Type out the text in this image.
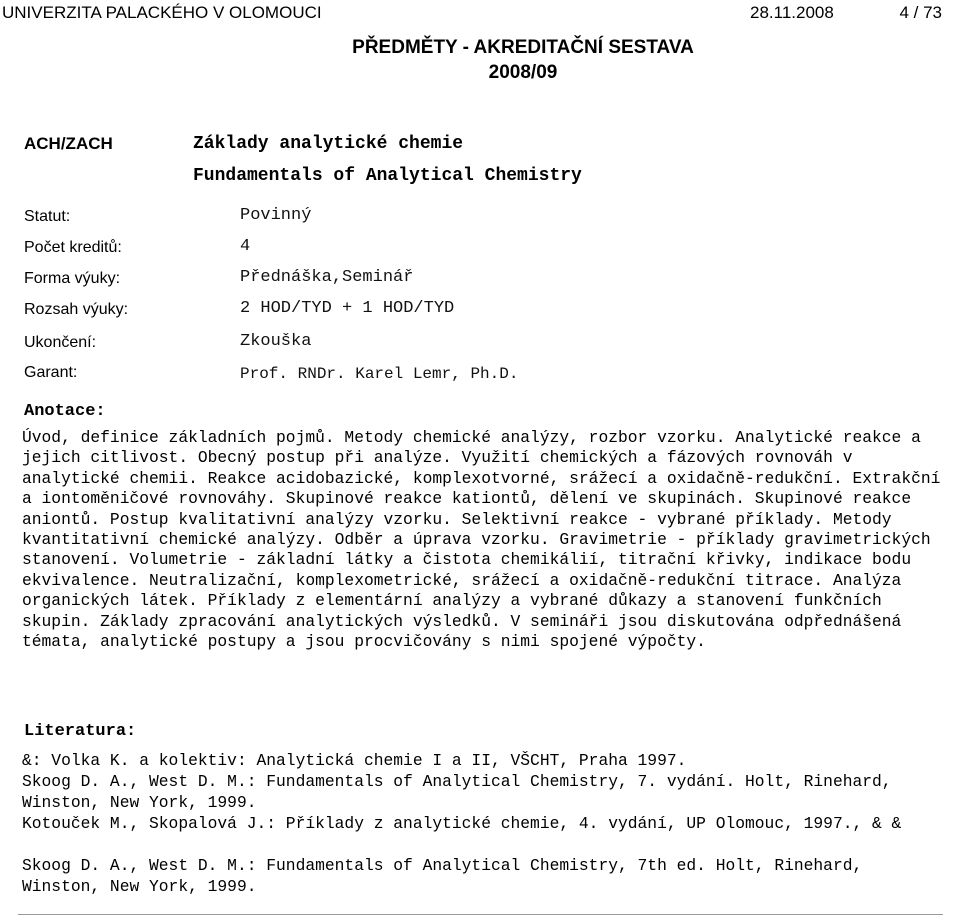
UNIVERZITA PALACKÉHO V OLOMOUCI	28.11.2008	4 / 73
PŘEDMĚTY - AKREDITAČNÍ SESTAVA
2008/09
ACH/ZACH	Základy analytické chemie
Fundamentals of Analytical Chemistry
Statut:	Povinný
Počet kreditů:	4
Forma výuky:	Přednáška,Seminář
Rozsah výuky:	2 HOD/TYD + 1 HOD/TYD
Ukončení:	Zkouška
Garant:	Prof. RNDr. Karel Lemr, Ph.D.
Anotace:
Úvod, definice základních pojmů. Metody chemické analýzy, rozbor vzorku. Analytické reakce a jejich citlivost. Obecný postup při analýze. Využití chemických a fázových rovnováh v analytické chemii. Reakce acidobazické, komplexotvorné, srážecí a oxidačně-redukční. Extrakční a iontoměničové rovnováhy. Skupinové reakce kationtů, dělení ve skupinách. Skupinové reakce aniontů. Postup kvalitativní analýzy vzorku. Selektivní reakce - vybrané příklady. Metody kvantitativní chemické analýzy. Odběr a úprava vzorku. Gravimetrie - příklady gravimetrických stanovení. Volumetrie - základní látky a čistota chemikálií, titrační křivky, indikace bodu ekvivalence. Neutralizační, komplexometrické, srážecí a oxidačně-redukční titrace. Analýza organických látek. Příklady z elementární analýzy a vybrané důkazy a stanovení funkčních skupin. Základy zpracování analytických výsledků. V semináři jsou diskutována odpřednášená témata, analytické postupy a jsou procvičovány s nimi spojené výpočty.
Literatura:
&: Volka K. a kolektiv: Analytická chemie I a II, VŠCHT, Praha 1997.
Skoog D. A., West D. M.: Fundamentals of Analytical Chemistry, 7. vydání. Holt, Rinehard, Winston, New York, 1999.
Kotouček M., Skopalová J.: Příklady z analytické chemie, 4. vydání, UP Olomouc, 1997., & &
Skoog D. A., West D. M.: Fundamentals of Analytical Chemistry, 7th ed. Holt, Rinehard, Winston, New York, 1999.
